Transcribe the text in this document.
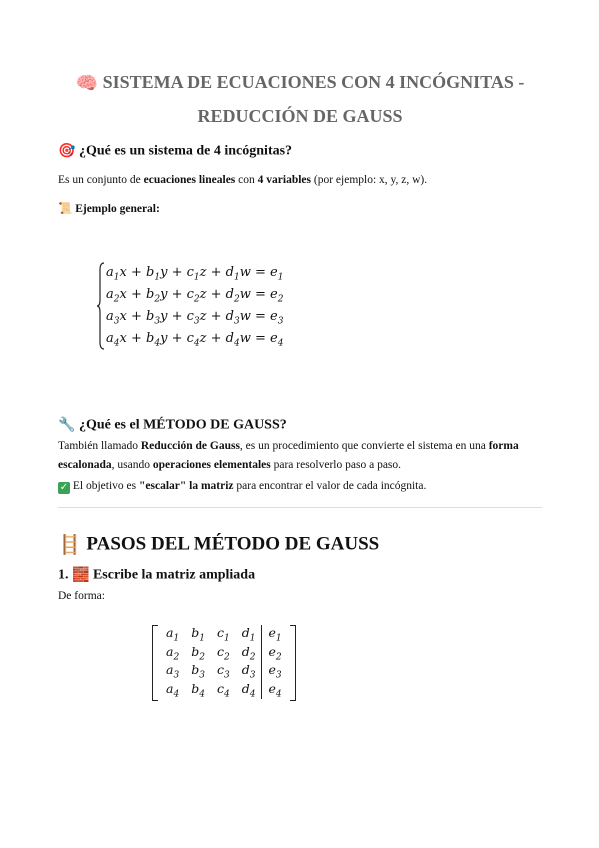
🧠 SISTEMA DE ECUACIONES CON 4 INCÓGNITAS -
REDUCCIÓN DE GAUSS
🎯 ¿Qué es un sistema de 4 incógnitas?
Es un conjunto de ecuaciones lineales con 4 variables (por ejemplo: x, y, z, w).
📜 Ejemplo general:
$a_1x + b_1y + c_1z + d_1w = e_1$
$a_2x + b_2y + c_2z + d_2w = e_2$
$a_3x + b_3y + c_3z + d_3w = e_3$
$a_4x + b_4y + c_4z + d_4w = e_4$
🔧 ¿Qué es el MÉTODO DE GAUSS?
También llamado Reducción de Gauss, es un procedimiento que convierte el sistema en una forma escalonada, usando operaciones elementales para resolverlo paso a paso.
✓ El objetivo es "escalar" la matriz para encontrar el valor de cada incógnita.
🪜 PASOS DEL MÉTODO DE GAUSS
1. 🧱 Escribe la matriz ampliada
De forma:
$a_1$	$b_1$	$c_1$	$d_1$	$e_1$
$a_2$	$b_2$	$c_2$	$d_2$	$e_2$
$a_3$	$b_3$	$c_3$	$d_3$	$e_3$
$a_4$	$b_4$	$c_4$	$d_4$	$e_4$
